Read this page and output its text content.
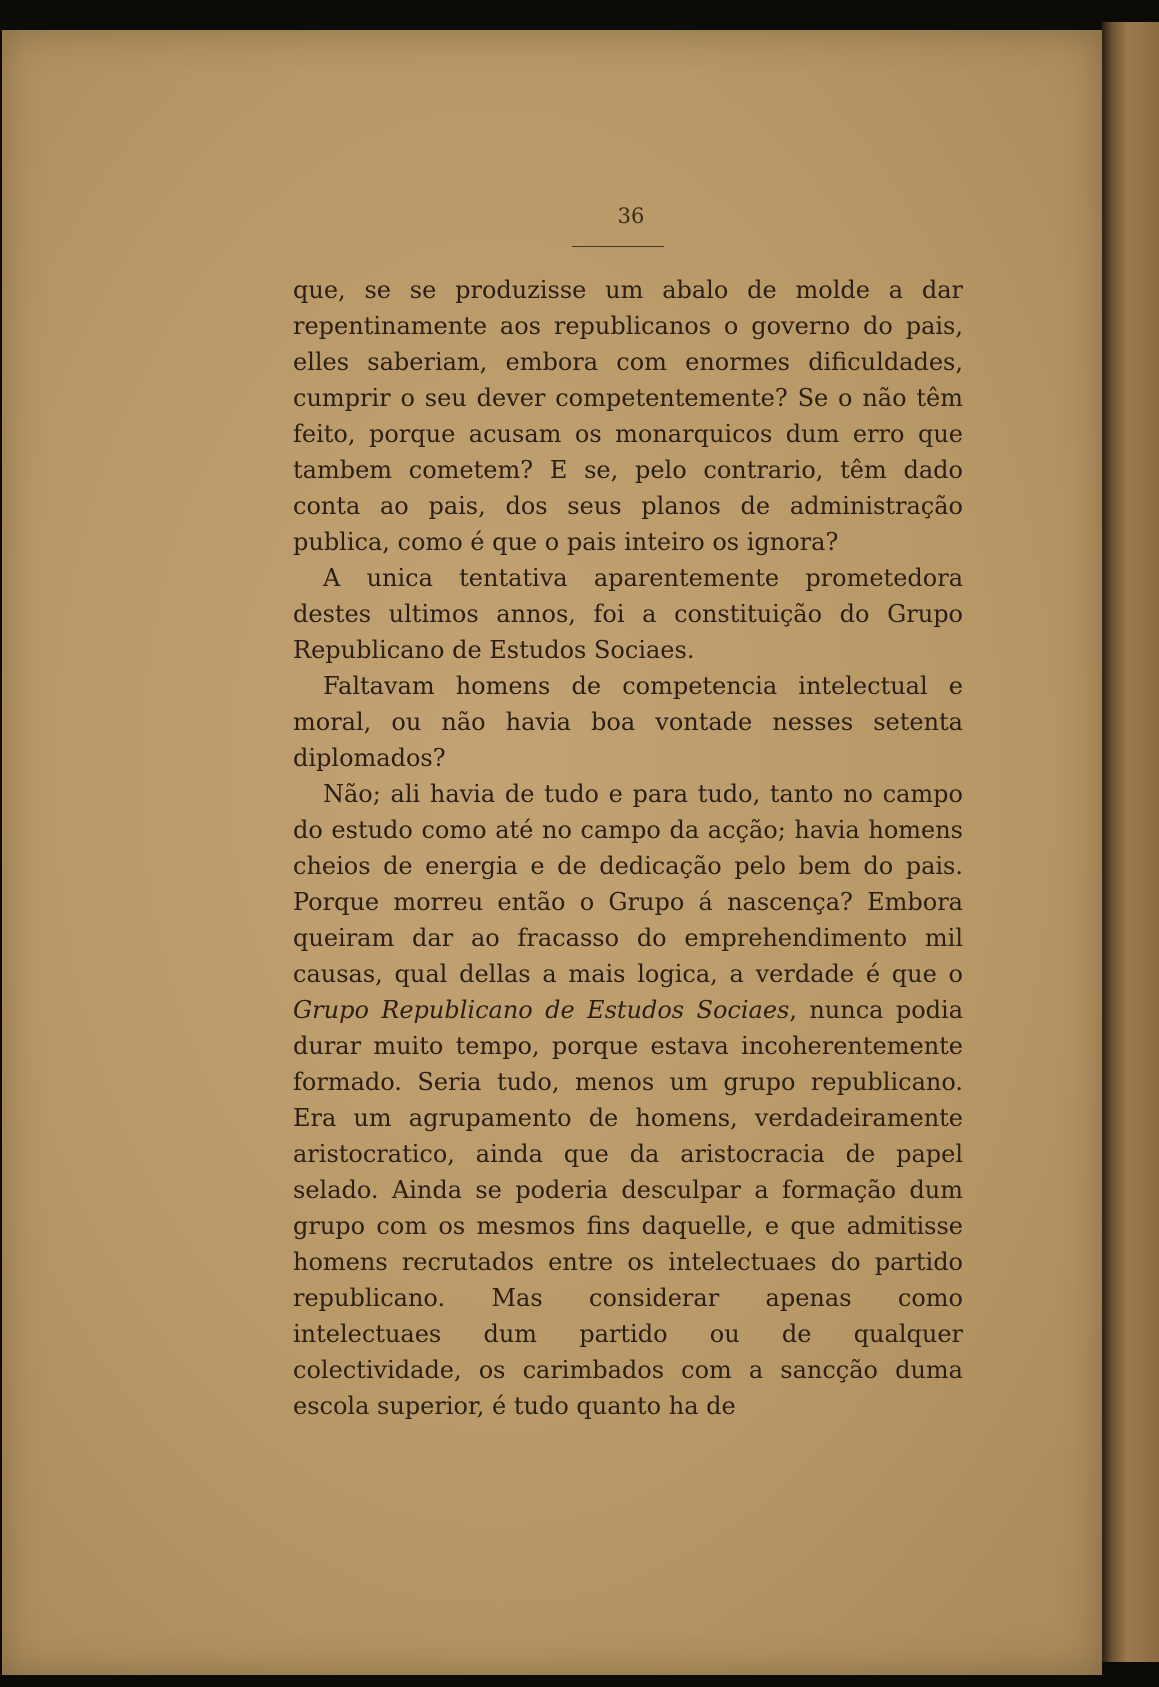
36

que, se se produzisse um abalo de molde a dar repentinamente aos republicanos o governo do pais, elles saberiam, embora com enormes dificuldades, cumprir o seu dever competentemente? Se o não têm feito, porque acusam os monarquicos dum erro que tambem cometem? E se, pelo contrario, têm dado conta ao pais, dos seus planos de administração publica, como é que o pais inteiro os ignora?

A unica tentativa aparentemente prometedora destes ultimos annos, foi a constituição do Grupo Republicano de Estudos Sociaes.

Faltavam homens de competencia intelectual e moral, ou não havia boa vontade nesses setenta diplomados?

Não; ali havia de tudo e para tudo, tanto no campo do estudo como até no campo da acção; havia homens cheios de energia e de dedicação pelo bem do pais. Porque morreu então o Grupo á nascença? Embora queiram dar ao fracasso do emprehendimento mil causas, qual dellas a mais logica, a verdade é que o Grupo Republicano de Estudos Sociaes, nunca podia durar muito tempo, porque estava incoherentemente formado. Seria tudo, menos um grupo republicano. Era um agrupamento de homens, verdadeiramente aristocratico, ainda que da aristocracia de papel selado. Ainda se poderia desculpar a formação dum grupo com os mesmos fins daquelle, e que admitisse homens recrutados entre os intelectuaes do partido republicano. Mas considerar apenas como intelectuaes dum partido ou de qualquer colectividade, os carimbados com a sancção duma escola superior, é tudo quanto ha de
